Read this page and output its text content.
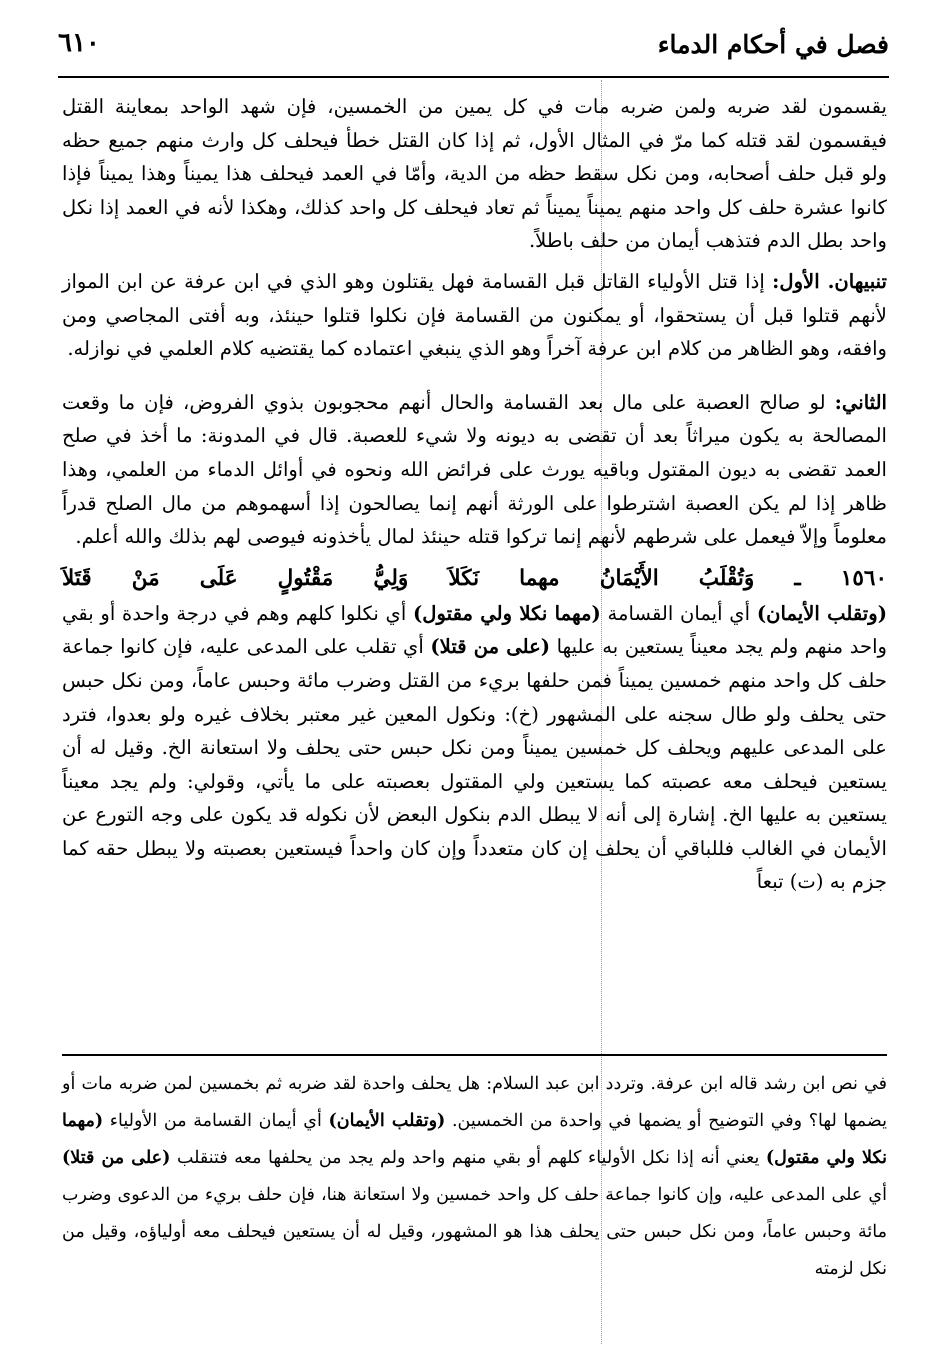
فصل في أحكام الدماء
٦١٠

يقسمون لقد ضربه ولمن ضربه مات في كل يمين من الخمسين، فإن شهد الواحد بمعاينة القتل فيقسمون لقد قتله كما مرّ في المثال الأول، ثم إذا كان القتل خطأ فيحلف كل وارث منهم جميع حظه ولو قبل حلف أصحابه، ومن نكل سقط حظه من الدية، وأمّا في العمد فيحلف هذا يميناً وهذا يميناً فإذا كانوا عشرة حلف كل واحد منهم يميناً يميناً ثم تعاد فيحلف كل واحد كذلك، وهكذا لأنه في العمد إذا نكل واحد بطل الدم فتذهب أيمان من حلف باطلاً.

تنبيهان. الأول: إذا قتل الأولياء القاتل قبل القسامة فهل يقتلون وهو الذي في ابن عرفة عن ابن المواز لأنهم قتلوا قبل أن يستحقوا، أو يمكنون من القسامة فإن نكلوا قتلوا حينئذ، وبه أفتى المجاصي ومن وافقه، وهو الظاهر من كلام ابن عرفة آخراً وهو الذي ينبغي اعتماده كما يقتضيه كلام العلمي في نوازله.

الثاني: لو صالح العصبة على مال بعد القسامة والحال أنهم محجوبون بذوي الفروض، فإن ما وقعت المصالحة به يكون ميراثاً بعد أن تقضى به ديونه ولا شيء للعصبة. قال في المدونة: ما أخذ في صلح العمد تقضى به ديون المقتول وباقيه يورث على فرائض الله ونحوه في أوائل الدماء من العلمي، وهذا ظاهر إذا لم يكن العصبة اشترطوا على الورثة أنهم إنما يصالحون إذا أسهموهم من مال الصلح قدراً معلوماً وإلاّ فيعمل على شرطهم لأنهم إنما تركوا قتله حينئذ لمال يأخذونه فيوصى لهم بذلك والله أعلم.

١٥٦٠ ـ وَتُقْلَبُ الأَيْمَانُ مهما نَكَلاَ وَلِيُّ مَقْتُولٍ عَلَى مَنْ قَتَلاَ

(وتقلب الأيمان) أي أيمان القسامة (مهما نكلا ولي مقتول) أي نكلوا كلهم وهم في درجة واحدة أو بقي واحد منهم ولم يجد معيناً يستعين به عليها (على من قتلا) أي تقلب على المدعى عليه، فإن كانوا جماعة حلف كل واحد منهم خمسين يميناً فمن حلفها بريء من القتل وضرب مائة وحبس عاماً، ومن نكل حبس حتى يحلف ولو طال سجنه على المشهور (خ): ونكول المعين غير معتبر بخلاف غيره ولو بعدوا، فترد على المدعى عليهم ويحلف كل خمسين يميناً ومن نكل حبس حتى يحلف ولا استعانة الخ. وقيل له أن يستعين فيحلف معه عصبته كما يستعين ولي المقتول بعصبته على ما يأتي، وقولي: ولم يجد معيناً يستعين به عليها الخ. إشارة إلى أنه لا يبطل الدم بنكول البعض لأن نكوله قد يكون على وجه التورع عن الأيمان في الغالب فللباقي أن يحلف إن كان متعدداً وإن كان واحداً فيستعين بعصبته ولا يبطل حقه كما جزم به (ت) تبعاً

في نص ابن رشد قاله ابن عرفة. وتردد ابن عبد السلام: هل يحلف واحدة لقد ضربه ثم بخمسين لمن ضربه مات أو يضمها لها؟ وفي التوضيح أو يضمها في واحدة من الخمسين. (وتقلب الأيمان) أي أيمان القسامة من الأولياء (مهما نكلا ولي مقتول) يعني أنه إذا نكل الأولياء كلهم أو بقي منهم واحد ولم يجد من يحلفها معه فتنقلب (على من قتلا) أي على المدعى عليه، وإن كانوا جماعة حلف كل واحد خمسين ولا استعانة هنا، فإن حلف بريء من الدعوى وضرب مائة وحبس عاماً، ومن نكل حبس حتى يحلف هذا هو المشهور، وقيل له أن يستعين فيحلف معه أولياؤه، وقيل من نكل لزمته
